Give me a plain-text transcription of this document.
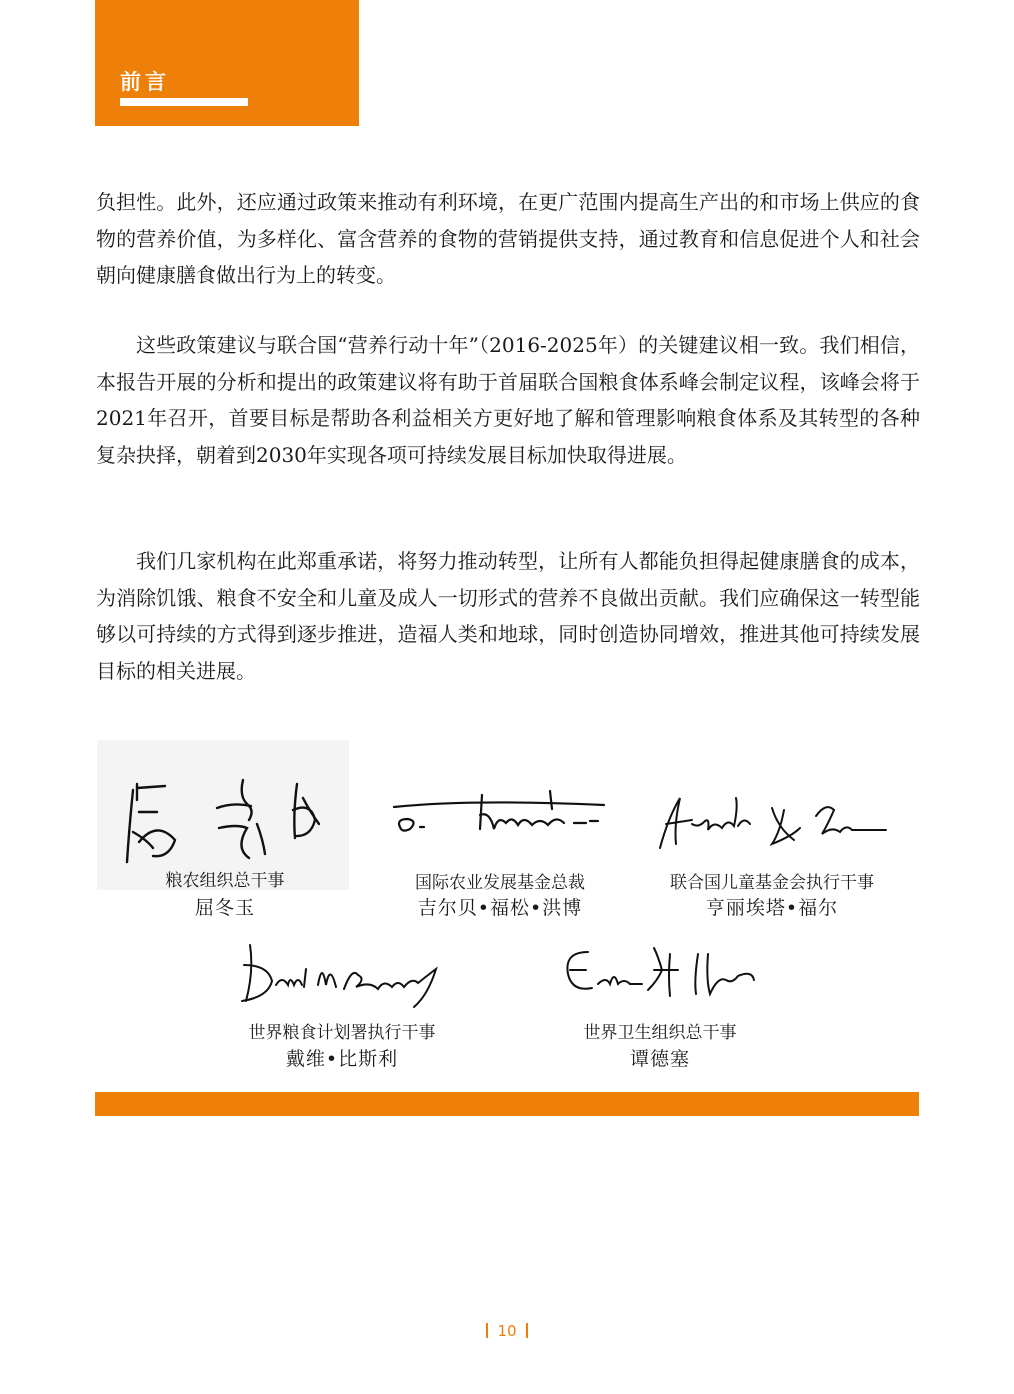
前言

负担性。此外，还应通过政策来推动有利环境，在更广范围内提高生产出的和市场上供应的食物的营养价值，为多样化、富含营养的食物的营销提供支持，通过教育和信息促进个人和社会朝向健康膳食做出行为上的转变。

这些政策建议与联合国“营养行动十年”（2016-2025年）的关键建议相一致。我们相信，本报告开展的分析和提出的政策建议将有助于首届联合国粮食体系峰会制定议程，该峰会将于2021年召开，首要目标是帮助各利益相关方更好地了解和管理影响粮食体系及其转型的各种复杂抉择，朝着到2030年实现各项可持续发展目标加快取得进展。

我们几家机构在此郑重承诺，将努力推动转型，让所有人都能负担得起健康膳食的成本，为消除饥饿、粮食不安全和儿童及成人一切形式的营养不良做出贡献。我们应确保这一转型能够以可持续的方式得到逐步推进，造福人类和地球，同时创造协同增效，推进其他可持续发展目标的相关进展。

粮农组织总干事
屈冬玉
国际农业发展基金总裁
吉尔贝•福松•洪博
联合国儿童基金会执行干事
亨丽埃塔•福尔
世界粮食计划署执行干事
戴维•比斯利
世界卫生组织总干事
谭德塞
10
